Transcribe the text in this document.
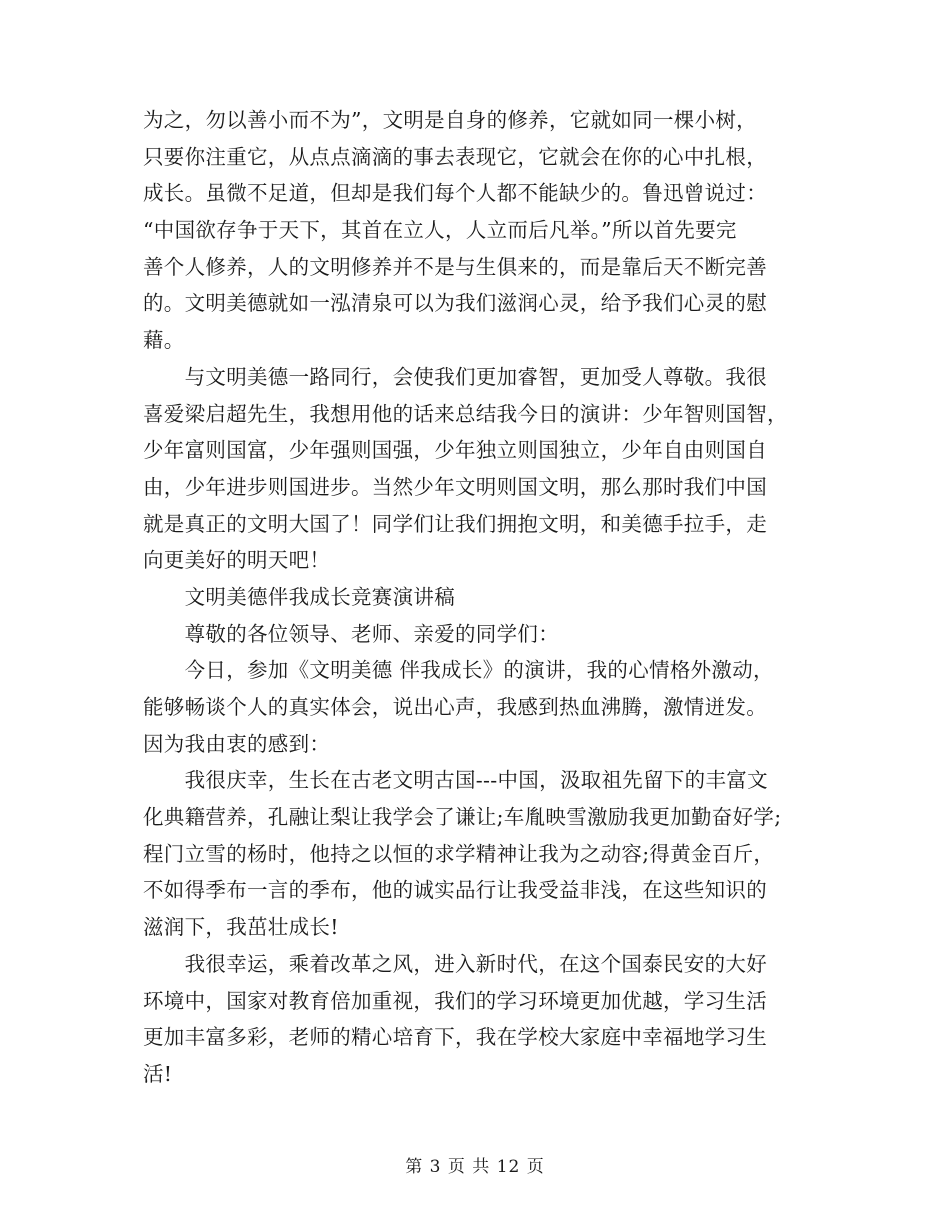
为之，勿以善小而不为”，文明是自身的修养，它就如同一棵小树，
只要你注重它，从点点滴滴的事去表现它，它就会在你的心中扎根，
成长。虽微不足道，但却是我们每个人都不能缺少的。鲁迅曾说过：
“中国欲存争于天下，其首在立人，人立而后凡举。”所以首先要完
善个人修养，人的文明修养并不是与生俱来的，而是靠后天不断完善
的。文明美德就如一泓清泉可以为我们滋润心灵，给予我们心灵的慰
藉。
　　与文明美德一路同行，会使我们更加睿智，更加受人尊敬。我很
喜爱梁启超先生，我想用他的话来总结我今日的演讲：少年智则国智，
少年富则国富，少年强则国强，少年独立则国独立，少年自由则国自
由，少年进步则国进步。当然少年文明则国文明，那么那时我们中国
就是真正的文明大国了！同学们让我们拥抱文明，和美德手拉手，走
向更美好的明天吧！
　　文明美德伴我成长竞赛演讲稿
　　尊敬的各位领导、老师、亲爱的同学们：
　　今日，参加《文明美德 伴我成长》的演讲，我的心情格外激动，
能够畅谈个人的真实体会，说出心声，我感到热血沸腾，激情迸发。
因为我由衷的感到：
　　我很庆幸，生长在古老文明古国---中国，汲取祖先留下的丰富文
化典籍营养，孔融让梨让我学会了谦让;车胤映雪激励我更加勤奋好学;
程门立雪的杨时，他持之以恒的求学精神让我为之动容;得黄金百斤，
不如得季布一言的季布，他的诚实品行让我受益非浅，在这些知识的
滋润下，我茁壮成长!
　　我很幸运，乘着改革之风，进入新时代，在这个国泰民安的大好
环境中，国家对教育倍加重视，我们的学习环境更加优越，学习生活
更加丰富多彩，老师的精心培育下，我在学校大家庭中幸福地学习生
活!
第 3 页 共 12 页
